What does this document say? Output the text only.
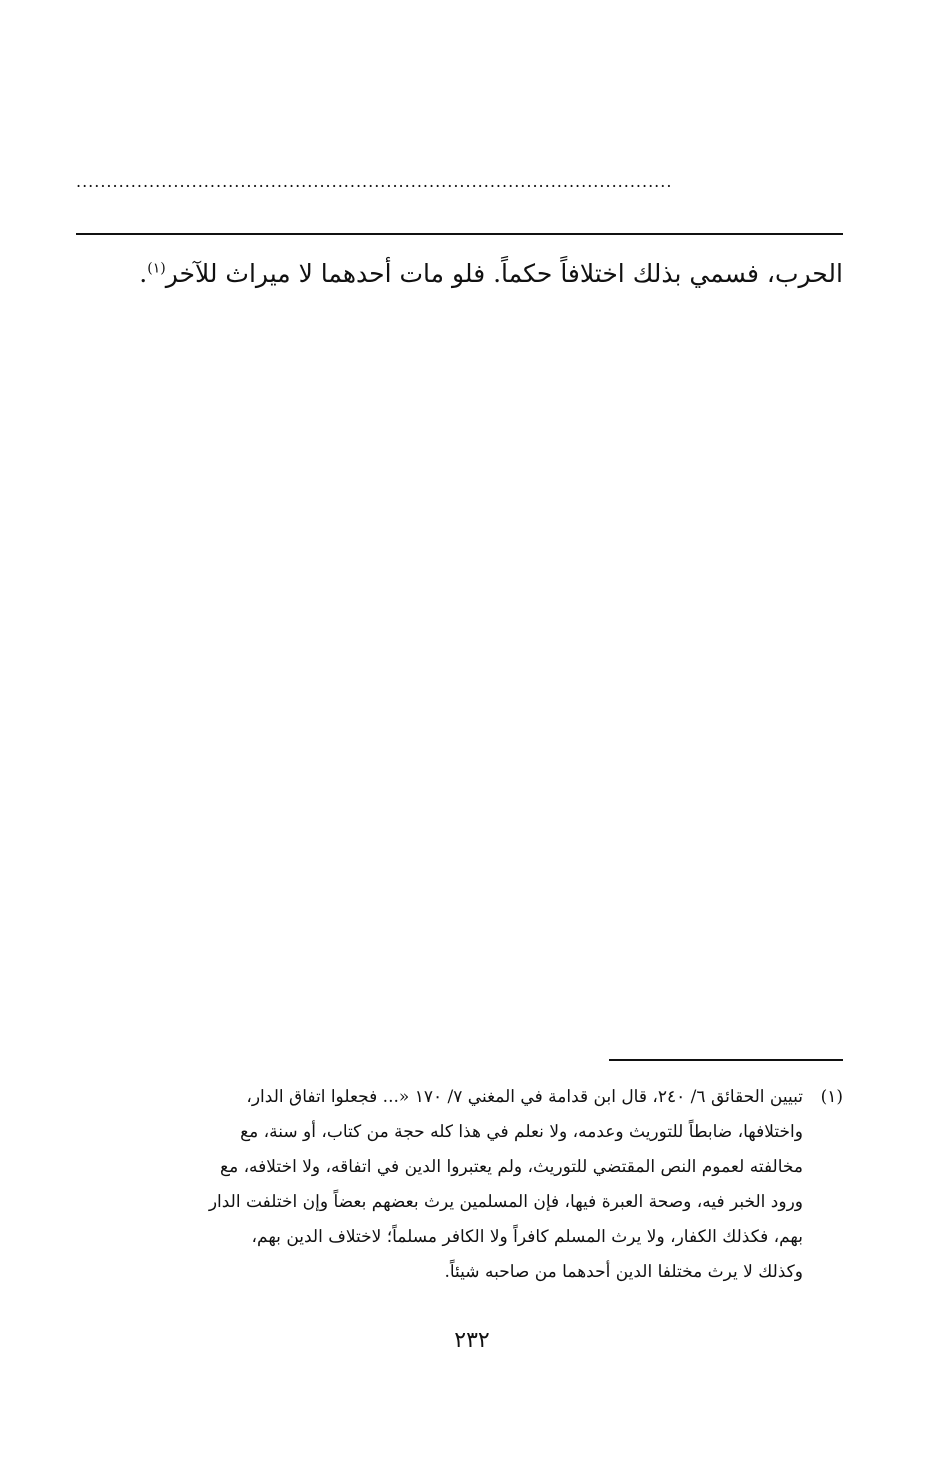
..................................................................................................
الحرب، فسمي بذلك اختلافاً حكماً. فلو مات أحدهما لا ميراث للآخر$^{(١)}$.
(١)تبيين الحقائق ٦/ ٢٤٠، قال ابن قدامة في المغني ٧/ ١٧٠ «... فجعلوا اتفاق الدار،
واختلافها، ضابطاً للتوريث وعدمه، ولا نعلم في هذا كله حجة من كتاب، أو سنة، مع
مخالفته لعموم النص المقتضي للتوريث، ولم يعتبروا الدين في اتفاقه، ولا اختلافه، مع
ورود الخبر فيه، وصحة العبرة فيها، فإن المسلمين يرث بعضهم بعضاً وإن اختلفت الدار
بهم، فكذلك الكفار، ولا يرث المسلم كافراً ولا الكافر مسلماً؛ لاختلاف الدين بهم،
وكذلك لا يرث مختلفا الدين أحدهما من صاحبه شيئاً.
٢٣٢
